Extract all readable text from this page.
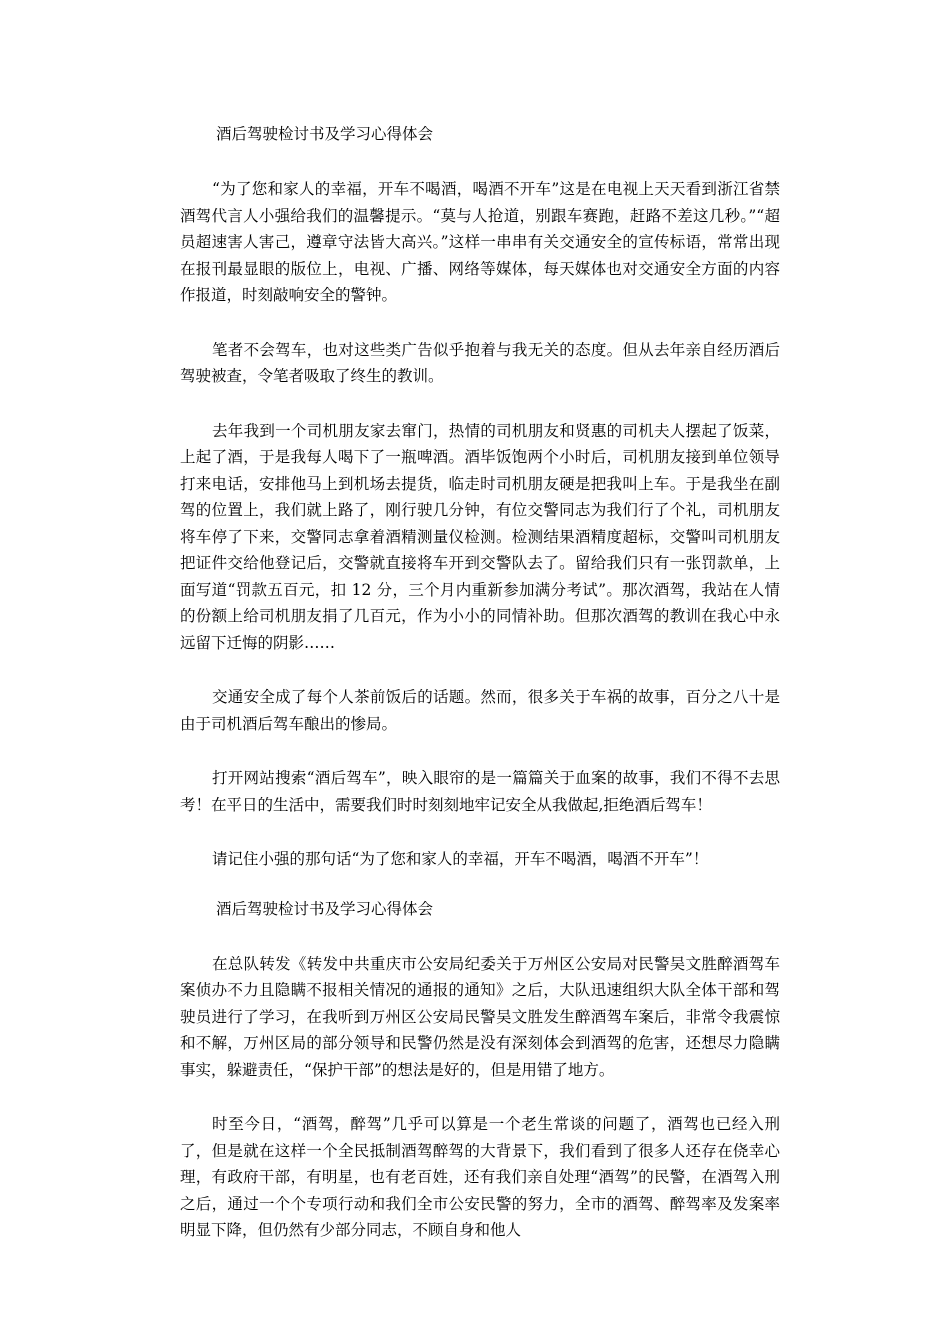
酒后驾驶检讨书及学习心得体会

“为了您和家人的幸福，开车不喝酒，喝酒不开车”这是在电视上天天看到浙江省禁酒驾代言人小强给我们的温馨提示。“莫与人抢道，别跟车赛跑，赶路不差这几秒。”“超员超速害人害己，遵章守法皆大高兴。”这样一串串有关交通安全的宣传标语，常常出现在报刊最显眼的版位上，电视、广播、网络等媒体，每天媒体也对交通安全方面的内容作报道，时刻敲响安全的警钟。

笔者不会驾车，也对这些类广告似乎抱着与我无关的态度。但从去年亲自经历酒后驾驶被查，令笔者吸取了终生的教训。

去年我到一个司机朋友家去窜门，热情的司机朋友和贤惠的司机夫人摆起了饭菜，上起了酒，于是我每人喝下了一瓶啤酒。酒毕饭饱两个小时后，司机朋友接到单位领导打来电话，安排他马上到机场去提货，临走时司机朋友硬是把我叫上车。于是我坐在副驾的位置上，我们就上路了，刚行驶几分钟，有位交警同志为我们行了个礼，司机朋友将车停了下来，交警同志拿着酒精测量仪检测。检测结果酒精度超标，交警叫司机朋友把证件交给他登记后，交警就直接将车开到交警队去了。留给我们只有一张罚款单，上面写道“罚款五百元，扣 12 分，三个月内重新参加满分考试”。那次酒驾，我站在人情的份额上给司机朋友捐了几百元，作为小小的同情补助。但那次酒驾的教训在我心中永远留下迁悔的阴影……

交通安全成了每个人茶前饭后的话题。然而，很多关于车祸的故事，百分之八十是由于司机酒后驾车酿出的惨局。

打开网站搜索“酒后驾车”，映入眼帘的是一篇篇关于血案的故事，我们不得不去思考！在平日的生活中，需要我们时时刻刻地牢记安全从我做起,拒绝酒后驾车！

请记住小强的那句话“为了您和家人的幸福，开车不喝酒，喝酒不开车”！

酒后驾驶检讨书及学习心得体会

在总队转发《转发中共重庆市公安局纪委关于万州区公安局对民警吴文胜醉酒驾车案侦办不力且隐瞒不报相关情况的通报的通知》之后，大队迅速组织大队全体干部和驾驶员进行了学习，在我听到万州区公安局民警吴文胜发生醉酒驾车案后，非常令我震惊和不解，万州区局的部分领导和民警仍然是没有深刻体会到酒驾的危害，还想尽力隐瞒事实，躲避责任，“保护干部”的想法是好的，但是用错了地方。

时至今日，“酒驾，醉驾”几乎可以算是一个老生常谈的问题了，酒驾也已经入刑了，但是就在这样一个全民抵制酒驾醉驾的大背景下，我们看到了很多人还存在侥幸心理，有政府干部，有明星，也有老百姓，还有我们亲自处理“酒驾”的民警，在酒驾入刑之后，通过一个个专项行动和我们全市公安民警的努力，全市的酒驾、醉驾率及发案率明显下降，但仍然有少部分同志，不顾自身和他人
